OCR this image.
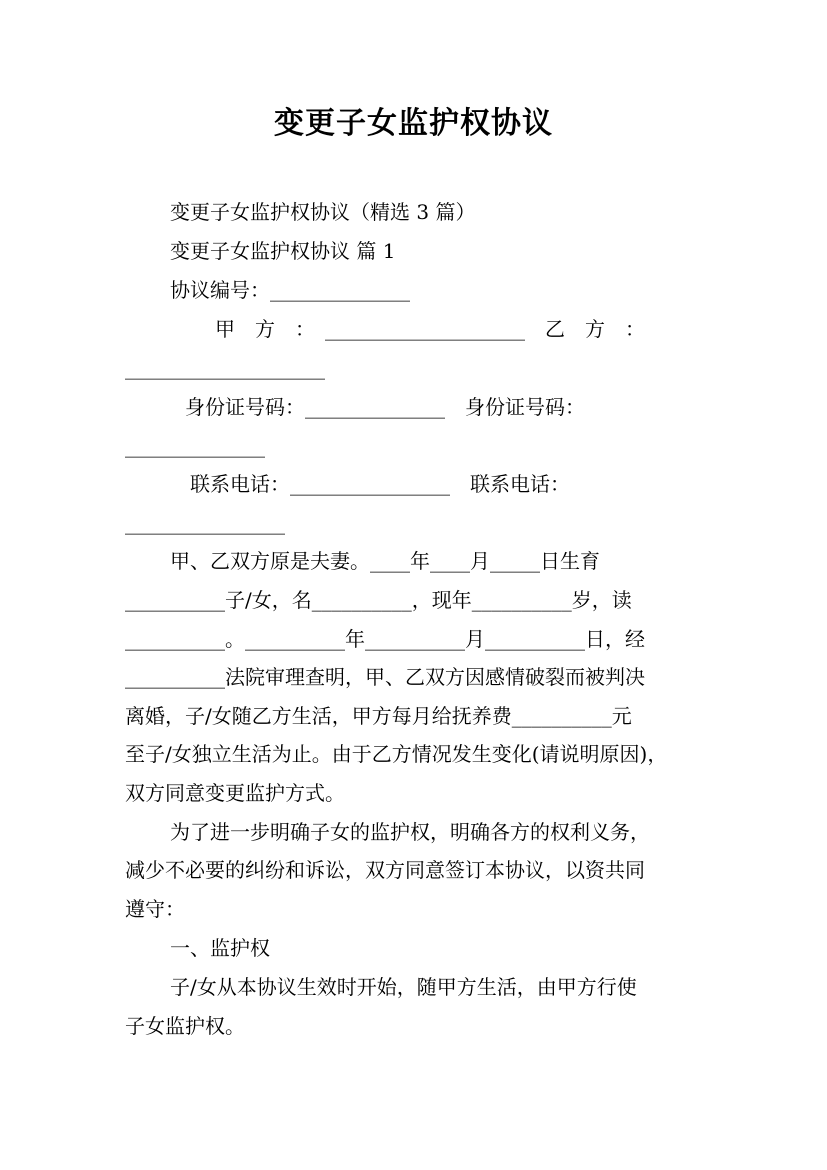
变更子女监护权协议
变更子女监护权协议（精选 3 篇）
变更子女监护权协议 篇 1
协议编号：______________
甲　方　：　____________________　乙　方　：
____________________
身份证号码：______________　身份证号码：
______________
联系电话：________________　联系电话：
________________
甲、乙双方原是夫妻。____年____月_____日生育
__________子/女，名__________，现年__________岁，读
__________。__________年__________月__________日，经
__________法院审理查明，甲、乙双方因感情破裂而被判决
离婚，子/女随乙方生活，甲方每月给抚养费__________元
至子/女独立生活为止。由于乙方情况发生变化(请说明原因)，
双方同意变更监护方式。
为了进一步明确子女的监护权，明确各方的权利义务，
减少不必要的纠纷和诉讼，双方同意签订本协议，以资共同
遵守：
一、监护权
子/女从本协议生效时开始，随甲方生活，由甲方行使
子女监护权。
